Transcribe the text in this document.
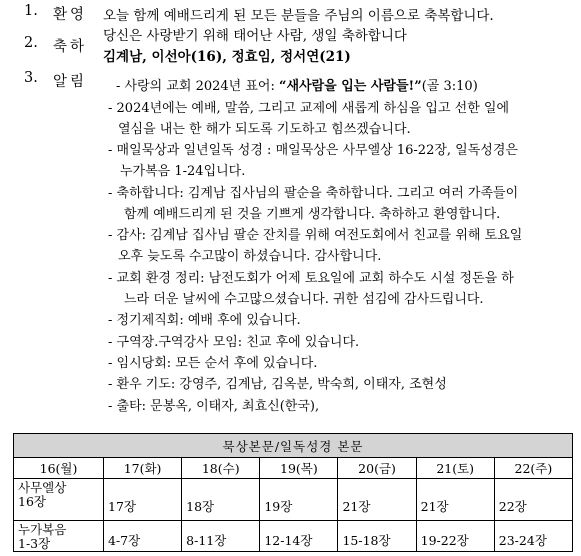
1. 환영 오늘 함께 예배드리게 된 모든 분들을 주님의 이름으로 축복합니다.
2. 축하
당신은 사랑받기 위해 태어난 사람, 생일 축하합니다
김계남, 이선아(16), 정효임, 정서연(21)
3. 알림 - 사랑의 교회 2024년 표어: “새사람을 입는 사람들!”(골 3:10)
- 2024년에는 예배, 말씀, 그리고 교제에 새롭게 하심을 입고 선한 일에
열심을 내는 한 해가 되도록 기도하고 힘쓰겠습니다.
- 매일묵상과 일년일독 성경 : 매일묵상은 사무엘상 16-22장, 일독성경은
누가복음 1-24입니다.
- 축하합니다: 김계남 집사님의 팔순을 축하합니다. 그리고 여러 가족들이
함께 예배드리게 된 것을 기쁘게 생각합니다. 축하하고 환영합니다.
- 감사: 김계남 집사님 팔순 잔치를 위해 여전도회에서 친교를 위해 토요일
오후 늦도록 수고많이 하셨습니다. 감사합니다.
- 교회 환경 정리: 남전도회가 어제 토요일에 교회 하수도 시설 정돈을 하
느라 더운 날씨에 수고많으셨습니다. 귀한 섬김에 감사드립니다.
- 정기제직회: 예배 후에 있습니다.
- 구역장.구역강사 모임: 친교 후에 있습니다.
- 임시당회: 모든 순서 후에 있습니다.
- 환우 기도: 강영주, 김계남, 김옥분, 박숙희, 이태자, 조현성
- 출타: 문봉옥, 이태자, 최효신(한국),
묵상본문/일독성경 본문						
16(월)	17(화)	18(수)	19(목)	20(금)	21(토)	22(주)

사무엘상
16장	17장	18장	19장	21장	21장	22장

누가복음
1-3장	4-7장	8-11장	12-14장	15-18장	19-22장	23-24장
